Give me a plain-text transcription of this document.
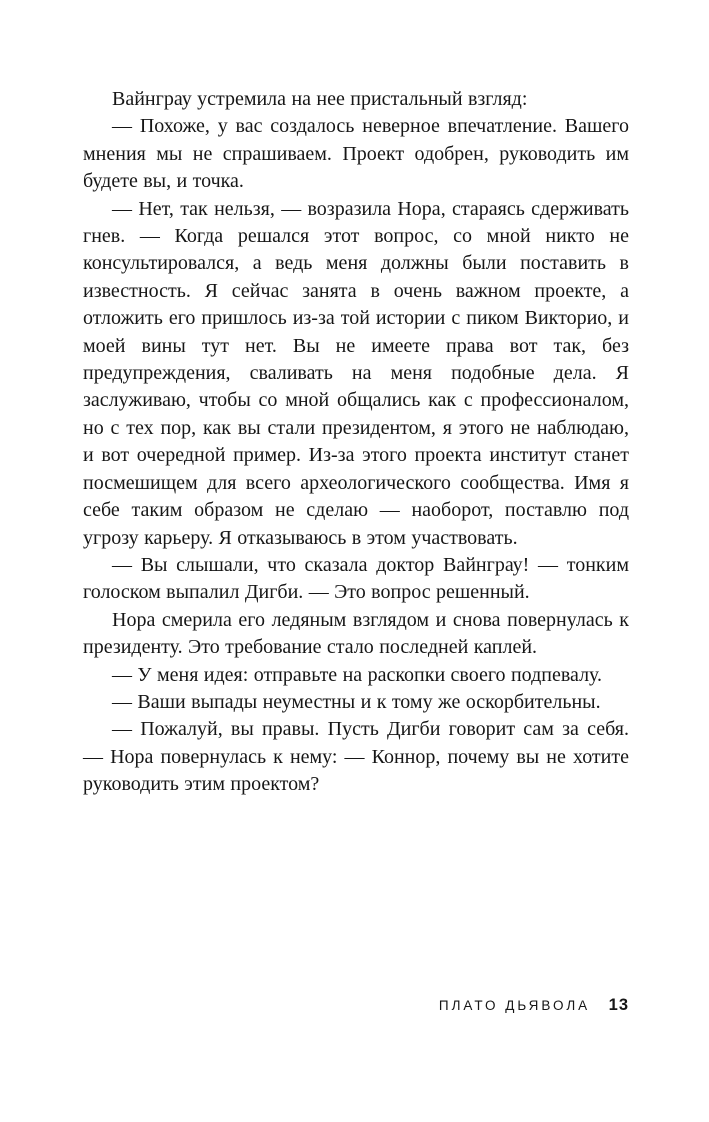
Вайнграу устремила на нее пристальный взгляд:

— Похоже, у вас создалось неверное впечатление. Вашего мнения мы не спрашиваем. Проект одобрен, руководить им будете вы, и точка.

— Нет, так нельзя, — возразила Нора, стараясь сдерживать гнев. — Когда решался этот вопрос, со мной никто не консультировался, а ведь меня должны были поставить в известность. Я сейчас занята в очень важном проекте, а отложить его пришлось из-за той истории с пиком Викторио, и моей вины тут нет. Вы не имеете права вот так, без предупреждения, сваливать на меня подобные дела. Я заслуживаю, чтобы со мной общались как с профессионалом, но с тех пор, как вы стали президентом, я этого не наблюдаю, и вот очередной пример. Из-за этого проекта институт станет посмешищем для всего археологического сообщества. Имя я себе таким образом не сделаю — наоборот, поставлю под угрозу карьеру. Я отказываюсь в этом участвовать.

— Вы слышали, что сказала доктор Вайнграу! — тонким голоском выпалил Дигби. — Это вопрос решенный.

Нора смерила его ледяным взглядом и снова повернулась к президенту. Это требование стало последней каплей.

— У меня идея: отправьте на раскопки своего подпевалу.

— Ваши выпады неуместны и к тому же оскорбительны.

— Пожалуй, вы правы. Пусть Дигби говорит сам за себя. — Нора повернулась к нему: — Коннор, почему вы не хотите руководить этим проектом?

ПЛАТО ДЬЯВОЛА 13
